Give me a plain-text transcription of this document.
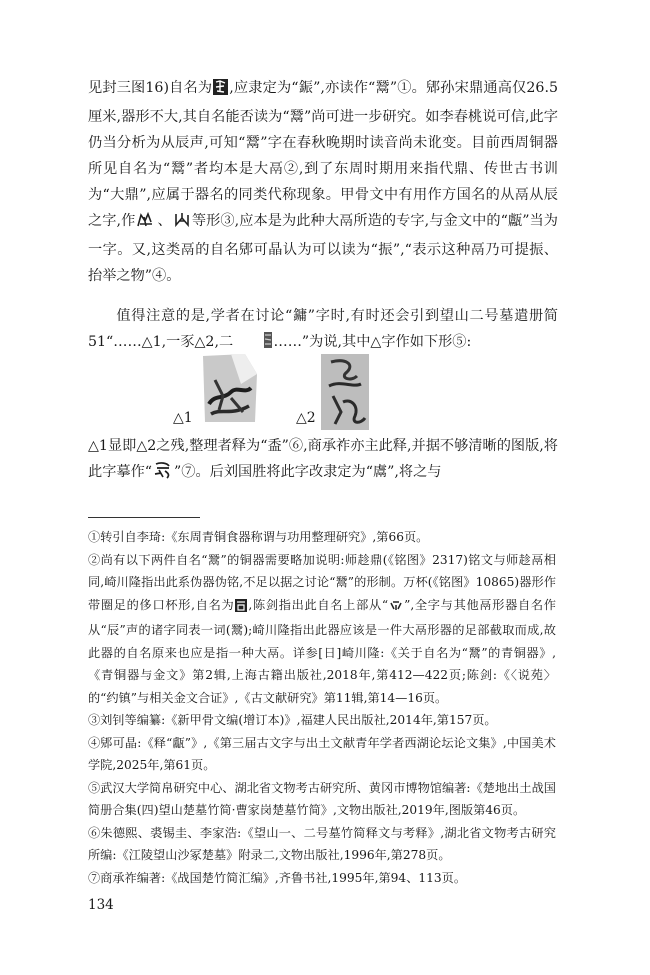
见封三图16)自名为 ,应隶定为“鋠”,亦读作“鬵”①。郳孙宋鼎通高仅26.5厘米,器形不大,其自名能否读为“鬵”尚可进一步研究。如李春桃说可信,此字仍当分析为从辰声,可知“鬵”字在春秋晚期时读音尚未讹变。目前西周铜器所见自名为“鬵”者均本是大鬲②,到了东周时期用来指代鼎、传世古书训为“大鼎”,应属于器名的同类代称现象。甲骨文中有用作方国名的从鬲从辰之字,作 、 等形③,应本是为此种大鬲所造的专字,与金文中的“甗”当为一字。又,这类鬲的自名郳可晶认为可以读为“振”,“表示这种鬲乃可提振、抬举之物”④。

值得注意的是,学者在讨论“鏞”字时,有时还会引到望山二号墓遣册简51“……△1,一豕△2,二	……”为说,其中△字作如下形⑤:

△1	△2

△1显即△2之残,整理者释为“盉”⑥,商承祚亦主此释,并据不够清晰的图版,将此字摹作“ ”⑦。后刘国胜将此字改隶定为“鬳”,将之与

①转引自李琦:《东周青铜食器称谓与功用整理研究》,第66页。

②尚有以下两件自名“鬵”的铜器需要略加说明:师趁鼎(《铭图》2317)铭文与师趁鬲相同,崎川隆指出此系伪器伪铭,不足以据之讨论“鬵”的形制。万杯(《铭图》10865)器形作带圈足的侈口杯形,自名为 ,陈剑指出此自名上部从“ ”,全字与其他鬲形器自名作从“辰”声的诸字同表一词(鬵);崎川隆指出此器应该是一件大鬲形器的足部截取而成,故此器的自名原来也应是指一种大鬲。详参[日]崎川隆:《关于自名为“鬵”的青铜器》,《青铜器与金文》第2辑,上海古籍出版社,2018年,第412—422页;陈剑:《〈说苑〉的“约镇”与相关金文合证》,《古文献研究》第11辑,第14—16页。

③刘钊等编纂:《新甲骨文编(增订本)》,福建人民出版社,2014年,第157页。

④郳可晶:《释“甗”》,《第三届古文字与出土文献青年学者西湖论坛论文集》,中国美术学院,2025年,第61页。

⑤武汉大学简帛研究中心、湖北省文物考古研究所、黄冈市博物馆编著:《楚地出土战国简册合集(四)望山楚墓竹简·曹家岗楚墓竹简》,文物出版社,2019年,图版第46页。

⑥朱德熙、裘锡圭、李家浩:《望山一、二号墓竹简释文与考释》,湖北省文物考古研究所编:《江陵望山沙冢楚墓》附录二,文物出版社,1996年,第278页。

⑦商承祚编著:《战国楚竹简汇编》,齐鲁书社,1995年,第94、113页。

134
